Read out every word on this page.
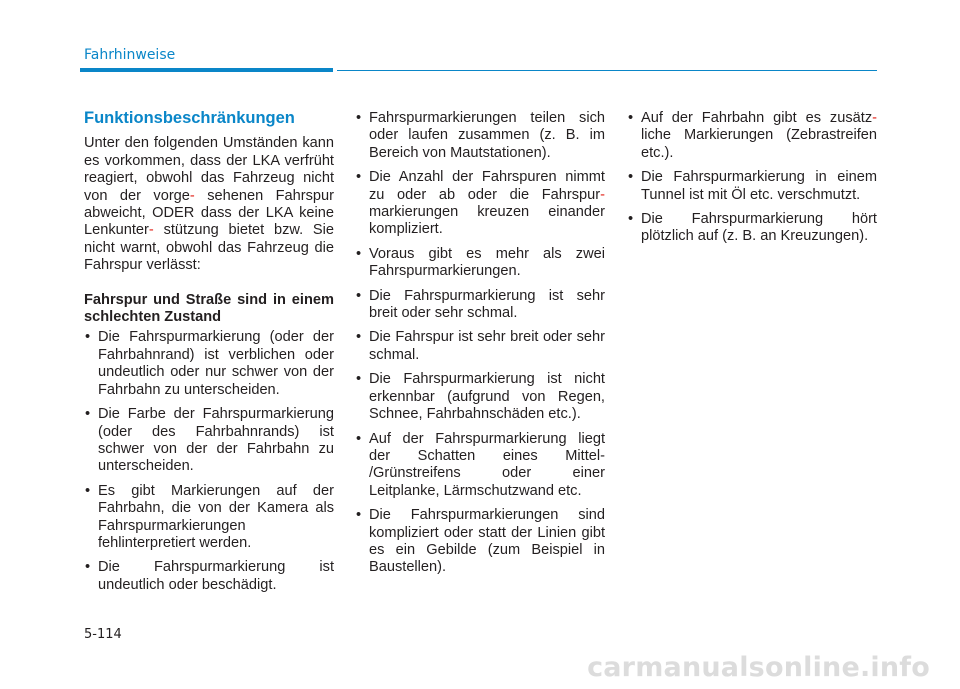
Fahrhinweise
Funktionsbeschränkungen

Unter den folgenden Umständen kann es vorkommen, dass der LKA verfrüht reagiert, obwohl das Fahrzeug nicht von der vorge- sehenen Fahrspur abweicht, ODER dass der LKA keine Lenkunter- stützung bietet bzw. Sie nicht warnt, obwohl das Fahrzeug die Fahrspur verlässt:

Fahrspur und Straße sind in einem schlechten Zustand
• Die Fahrspurmarkierung (oder der Fahrbahnrand) ist verblichen oder undeutlich oder nur schwer von der Fahrbahn zu unterscheiden.
• Die Farbe der Fahrspurmarkierung (oder des Fahrbahnrands) ist schwer von der der Fahrbahn zu unterscheiden.
• Es gibt Markierungen auf der Fahrbahn, die von der Kamera als Fahrspurmarkierungen fehlinterpretiert werden.
• Die Fahrspurmarkierung ist undeutlich oder beschädigt.
• Fahrspurmarkierungen teilen sich oder laufen zusammen (z. B. im Bereich von Mautstationen).
• Die Anzahl der Fahrspuren nimmt zu oder ab oder die Fahrspur- markierungen kreuzen einander kompliziert.
• Voraus gibt es mehr als zwei Fahrspurmarkierungen.
• Die Fahrspurmarkierung ist sehr breit oder sehr schmal.
• Die Fahrspur ist sehr breit oder sehr schmal.
• Die Fahrspurmarkierung ist nicht erkennbar (aufgrund von Regen, Schnee, Fahrbahnschäden etc.).
• Auf der Fahrspurmarkierung liegt der Schatten eines Mittel- /Grünstreifens oder einer Leitplanke, Lärmschutzwand etc.
• Die Fahrspurmarkierungen sind kompliziert oder statt der Linien gibt es ein Gebilde (zum Beispiel in Baustellen).
• Auf der Fahrbahn gibt es zusätz- liche Markierungen (Zebrastreifen etc.).
• Die Fahrspurmarkierung in einem Tunnel ist mit Öl etc. verschmutzt.
• Die Fahrspurmarkierung hört plötzlich auf (z. B. an Kreuzungen).
5-114
carmanualsonline.info
